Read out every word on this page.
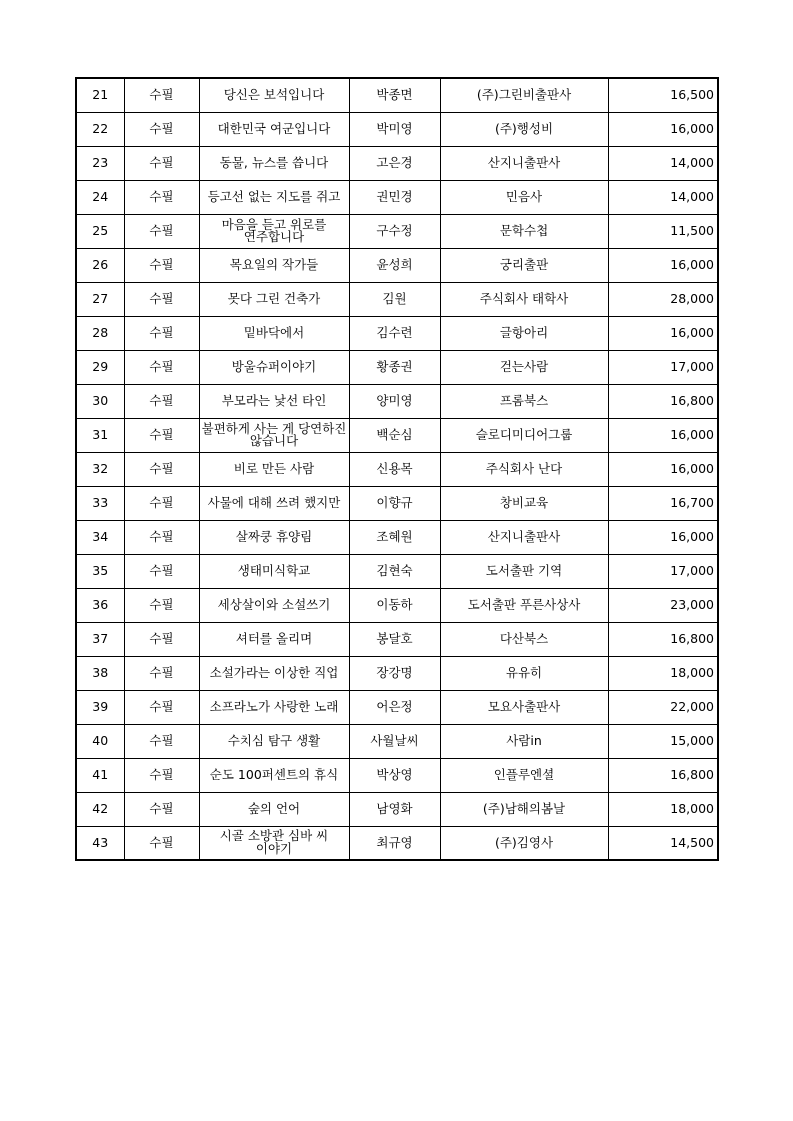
21	수필	당신은 보석입니다	박종면	(주)그린비출판사	16,500
22	수필	대한민국 여군입니다	박미영	(주)행성비	16,000
23	수필	동물, 뉴스를 씁니다	고은경	산지니출판사	14,000
24	수필	등고선 없는 지도를 쥐고	권민경	민음사	14,000
25	수필	마음을 듣고 위로를 연주합니다	구수정	문학수첩	11,500
26	수필	목요일의 작가들	윤성희	궁리출판	16,000
27	수필	못다 그린 건축가	김원	주식회사 태학사	28,000
28	수필	밑바닥에서	김수련	글항아리	16,000
29	수필	방울슈퍼이야기	황종권	걷는사람	17,000
30	수필	부모라는 낯선 타인	양미영	프롬북스	16,800
31	수필	불편하게 사는 게 당연하진 않습니다	백순심	슬로디미디어그룹	16,000
32	수필	비로 만든 사람	신용목	주식회사 난다	16,000
33	수필	사물에 대해 쓰려 했지만	이향규	창비교육	16,700
34	수필	살짜쿵 휴양림	조혜원	산지니출판사	16,000
35	수필	생태미식학교	김현숙	도서출판 기역	17,000
36	수필	세상살이와 소설쓰기	이동하	도서출판 푸른사상사	23,000
37	수필	셔터를 올리며	봉달호	다산북스	16,800
38	수필	소설가라는 이상한 직업	장강명	유유히	18,000
39	수필	소프라노가 사랑한 노래	어은정	모요사출판사	22,000
40	수필	수치심 탐구 생활	사월날씨	사람in	15,000
41	수필	순도 100퍼센트의 휴식	박상영	인플루엔셜	16,800
42	수필	숲의 언어	남영화	(주)남해의봄날	18,000
43	수필	시골 소방관 심바 씨 이야기	최규영	(주)김영사	14,500
